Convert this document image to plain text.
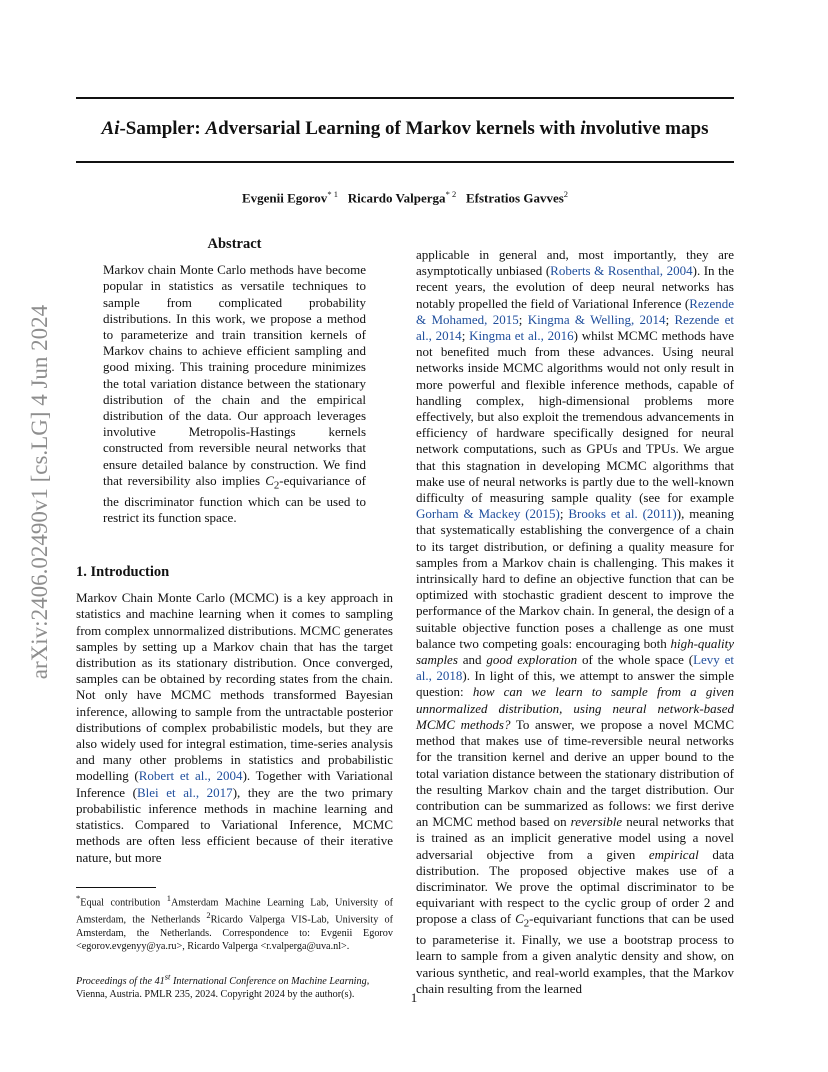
Ai-Sampler: Adversarial Learning of Markov kernels with involutive maps
Evgenii Egorov$^{* 1}$ Ricardo Valperga$^{* 2}$ Efstratios Gavves$^2$
arXiv:2406.02490v1 [cs.LG] 4 Jun 2024
Abstract
Markov chain Monte Carlo methods have become popular in statistics as versatile techniques to sample from complicated probability distributions. In this work, we propose a method to parameterize and train transition kernels of Markov chains to achieve efficient sampling and good mixing. This training procedure minimizes the total variation distance between the stationary distribution of the chain and the empirical distribution of the data. Our approach leverages involutive Metropolis-Hastings kernels constructed from reversible neural networks that ensure detailed balance by construction. We find that reversibility also implies $C_2$-equivariance of the discriminator function which can be used to restrict its function space.
1. Introduction

Markov Chain Monte Carlo (MCMC) is a key approach in statistics and machine learning when it comes to sampling from complex unnormalized distributions. MCMC generates samples by setting up a Markov chain that has the target distribution as its stationary distribution. Once converged, samples can be obtained by recording states from the chain. Not only have MCMC methods transformed Bayesian inference, allowing to sample from the untractable posterior distributions of complex probabilistic models, but they are also widely used for integral estimation, time-series analysis and many other problems in statistics and probabilistic modelling (Robert et al., 2004). Together with Variational Inference (Blei et al., 2017), they are the two primary probabilistic inference methods in machine learning and statistics. Compared to Variational Inference, MCMC methods are often less efficient because of their iterative nature, but more

*Equal contribution $^1$Amsterdam Machine Learning Lab, University of Amsterdam, the Netherlands $^2$Ricardo Valperga VIS-Lab, University of Amsterdam, the Netherlands. Correspondence to: Evgenii Egorov <egorov.evgenyy@ya.ru>, Ricardo Valperga <r.valperga@uva.nl>.
Proceedings of the 41st International Conference on Machine Learning, Vienna, Austria. PMLR 235, 2024. Copyright 2024 by the author(s).
applicable in general and, most importantly, they are asymptotically unbiased (Roberts & Rosenthal, 2004). In the recent years, the evolution of deep neural networks has notably propelled the field of Variational Inference (Rezende & Mohamed, 2015; Kingma & Welling, 2014; Rezende et al., 2014; Kingma et al., 2016) whilst MCMC methods have not benefited much from these advances. Using neural networks inside MCMC algorithms would not only result in more powerful and flexible inference methods, capable of handling complex, high-dimensional problems more effectively, but also exploit the tremendous advancements in efficiency of hardware specifically designed for neural network computations, such as GPUs and TPUs. We argue that this stagnation in developing MCMC algorithms that make use of neural networks is partly due to the well-known difficulty of measuring sample quality (see for example Gorham & Mackey (2015); Brooks et al. (2011)), meaning that systematically establishing the convergence of a chain to its target distribution, or defining a quality measure for samples from a Markov chain is challenging. This makes it intrinsically hard to define an objective function that can be optimized with stochastic gradient descent to improve the performance of the Markov chain. In general, the design of a suitable objective function poses a challenge as one must balance two competing goals: encouraging both high-quality samples and good exploration of the whole space (Levy et al., 2018). In light of this, we attempt to answer the simple question: how can we learn to sample from a given unnormalized distribution, using neural network-based MCMC methods? To answer, we propose a novel MCMC method that makes use of time-reversible neural networks for the transition kernel and derive an upper bound to the total variation distance between the stationary distribution of the resulting Markov chain and the target distribution. Our contribution can be summarized as follows: we first derive an MCMC method based on reversible neural networks that is trained as an implicit generative model using a novel adversarial objective from a given empirical data distribution. The proposed objective makes use of a discriminator. We prove the optimal discriminator to be equivariant with respect to the cyclic group of order 2 and propose a class of $C_2$-equivariant functions that can be used to parameterise it. Finally, we use a bootstrap process to learn to sample from a given analytic density and show, on various synthetic, and real-world examples, that the Markov chain resulting from the learned
1
